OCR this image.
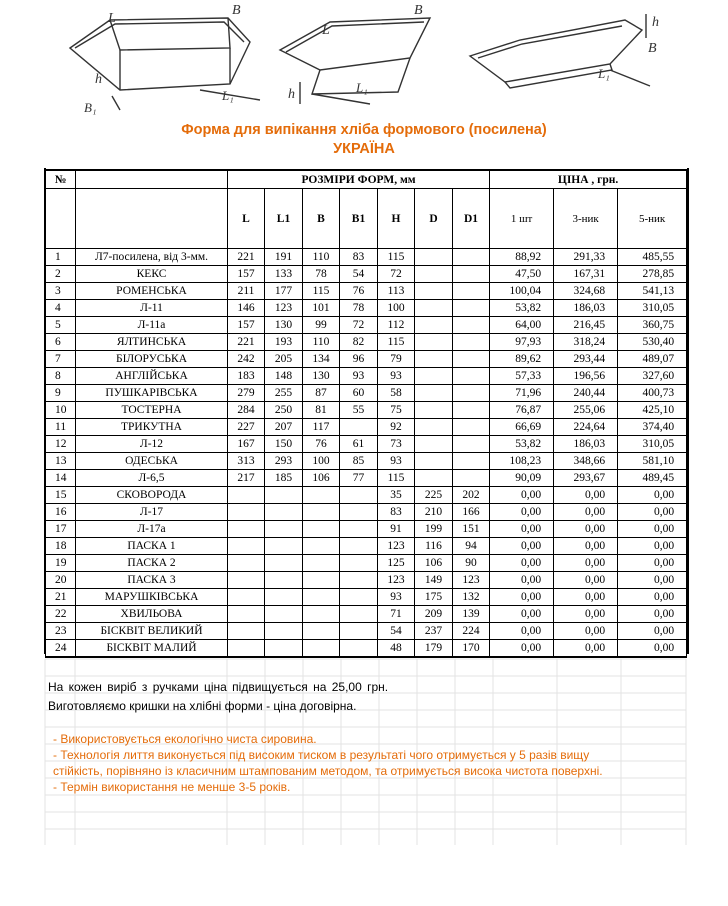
L
B
h
B₁
L₁
L
B
h	L₁
h
L₁
B
Форма для випікання хліба формового (посилена)
УКРАЇНА
№		РОЗМІРИ ФОРМ, мм							ЦІНА , грн.		
		L	L1	B	B1	H	D	D1	1 шт	3-ник	5-ник
1	Л7-посилена, від 3-мм.	221	191	110	83	115			88,92	291,33	485,55
2	КЕКС	157	133	78	54	72			47,50	167,31	278,85
3	РОМЕНСЬКА	211	177	115	76	113			100,04	324,68	541,13
4	Л-11	146	123	101	78	100			53,82	186,03	310,05
5	Л-11а	157	130	99	72	112			64,00	216,45	360,75
6	ЯЛТИНСЬКА	221	193	110	82	115			97,93	318,24	530,40
7	БІЛОРУСЬКА	242	205	134	96	79			89,62	293,44	489,07
8	АНГЛІЙСЬКА	183	148	130	93	93			57,33	196,56	327,60
9	ПУШКАРІВСЬКА	279	255	87	60	58			71,96	240,44	400,73
10	ТОСТЕРНА	284	250	81	55	75			76,87	255,06	425,10
11	ТРИКУТНА	227	207	117		92			66,69	224,64	374,40
12	Л-12	167	150	76	61	73			53,82	186,03	310,05
13	ОДЕСЬКА	313	293	100	85	93			108,23	348,66	581,10
14	Л-6,5	217	185	106	77	115			90,09	293,67	489,45
15	СКОВОРОДА					35	225	202	0,00	0,00	0,00
16	Л-17					83	210	166	0,00	0,00	0,00
17	Л-17а					91	199	151	0,00	0,00	0,00
18	ПАСКА 1					123	116	94	0,00	0,00	0,00
19	ПАСКА 2					125	106	90	0,00	0,00	0,00
20	ПАСКА 3					123	149	123	0,00	0,00	0,00
21	МАРУШКІВСЬКА					93	175	132	0,00	0,00	0,00
22	ХВИЛЬОВА					71	209	139	0,00	0,00	0,00
23	БІСКВІТ ВЕЛИКИЙ					54	237	224	0,00	0,00	0,00
24	БІСКВІТ МАЛИЙ					48	179	170	0,00	0,00	0,00
На кожен виріб з ручками ціна підвищується на 25,00 грн.
Виготовляємо кришки на хлібні форми - ціна договірна.
- Використовується екологічно чиста сировина.
- Технологія лиття виконується під високим тиском в результаті чого отримується у 5 разів вищу
стійкість, порівняно із класичним штампованим методом, та отримується висока чистота поверхні.
- Термін використання не менше 3-5 років.
